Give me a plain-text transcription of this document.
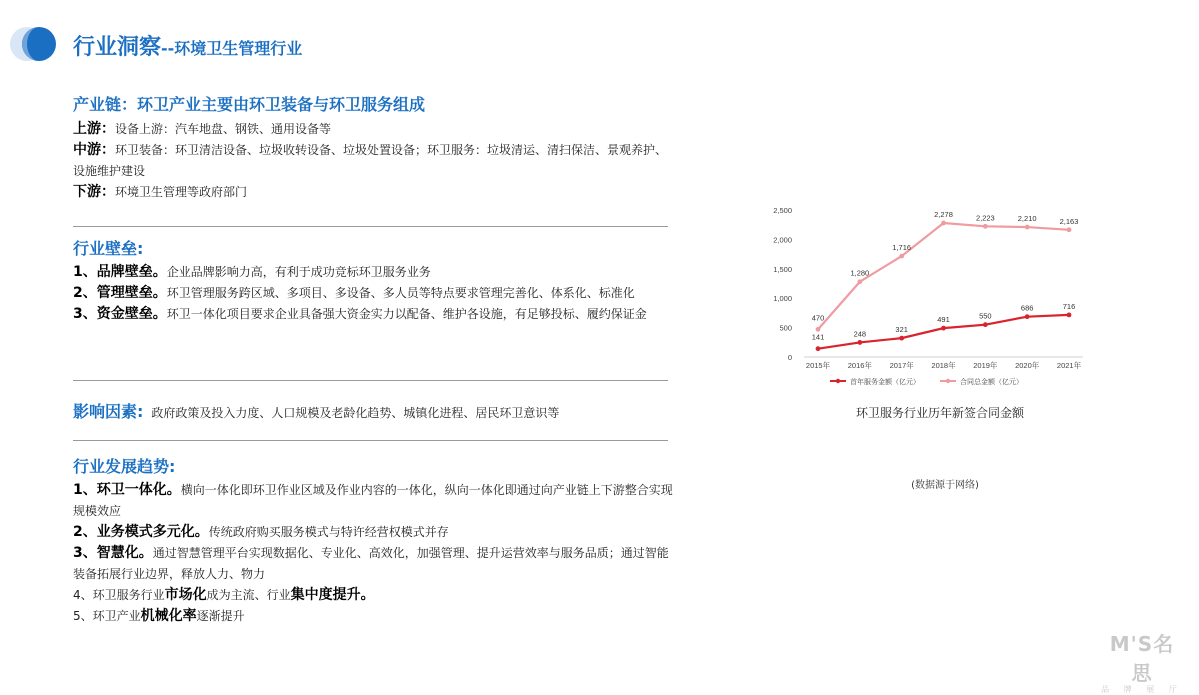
行业洞察--环境卫生管理行业
产业链：环卫产业主要由环卫装备与环卫服务组成
上游：设备上游：汽车地盘、钢铁、通用设备等
中游：环卫装备：环卫清洁设备、垃圾收转设备、垃圾处置设备；环卫服务：垃圾清运、清扫保洁、景观养护、设施维护建设
下游：环境卫生管理等政府部门
行业壁垒:
1、品牌壁垒。企业品牌影响力高，有利于成功竞标环卫服务业务
2、管理壁垒。环卫管理服务跨区域、多项目、多设备、多人员等特点要求管理完善化、体系化、标准化
3、资金壁垒。环卫一体化项目要求企业具备强大资金实力以配备、维护各设施，有足够投标、履约保证金
影响因素: 政府政策及投入力度、人口规模及老龄化趋势、城镇化进程、居民环卫意识等
行业发展趋势:
1、环卫一体化。横向一体化即环卫作业区域及作业内容的一体化，纵向一体化即通过向产业链上下游整合实现规模效应
2、业务模式多元化。传统政府购买服务模式与特许经营权模式并存
3、智慧化。通过智慧管理平台实现数据化、专业化、高效化，加强管理、提升运营效率与服务品质；通过智能装备拓展行业边界，释放人力、物力
4、环卫服务行业市场化成为主流、行业集中度提升。
5、环卫产业机械化率逐渐提升
0
500
1,000
1,500
2,000
2,500
2015年 2016年 2017年 2018年 2019年 2020年 2021年
141	248	321
491	550
686	716
470
1,280
1,716
2,278	2,223	2,210	2,163
首年服务金额（亿元）	合同总金额（亿元）
环卫服务行业历年新签合同金额
(数据源于网络)
M'S名思
品 牌 展 厅
